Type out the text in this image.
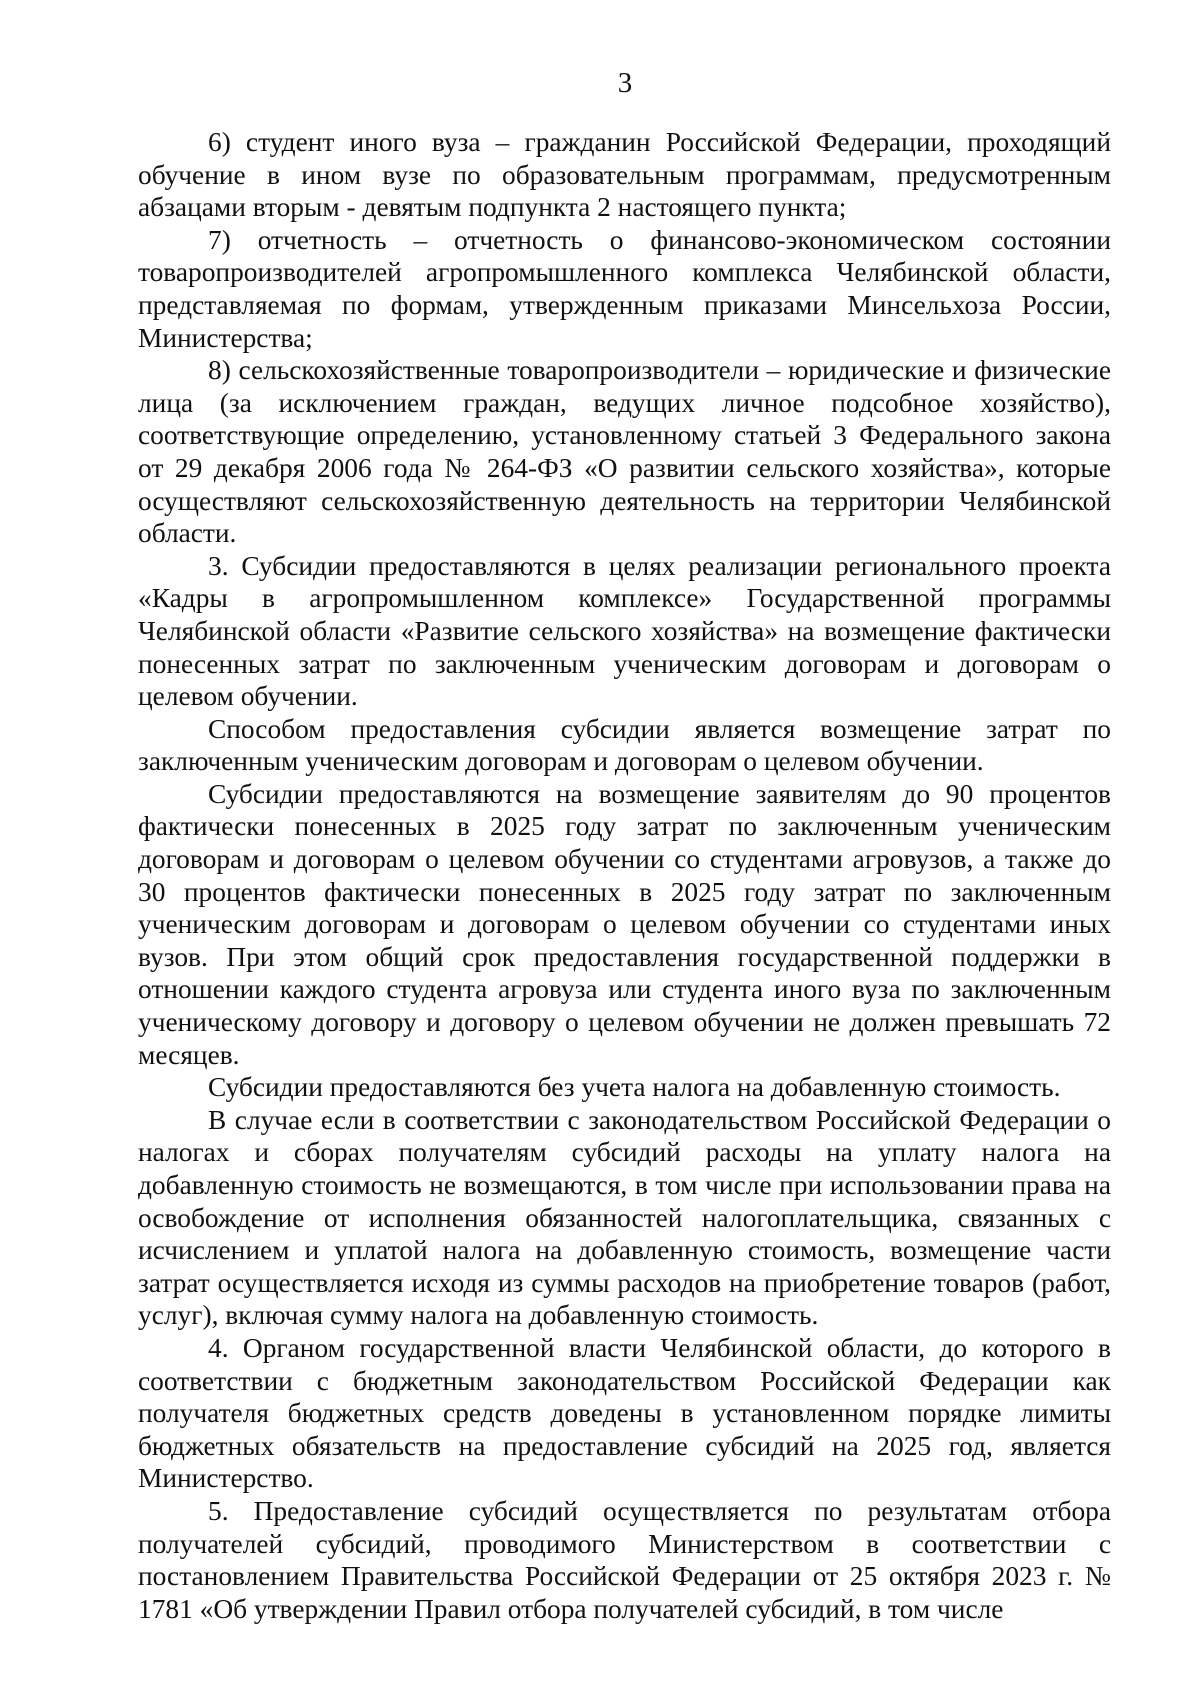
3

6) студент иного вуза – гражданин Российской Федерации, проходящий обучение в ином вузе по образовательным программам, предусмотренным абзацами вторым - девятым подпункта 2 настоящего пункта;

7) отчетность – отчетность о финансово-экономическом состоянии товаропроизводителей агропромышленного комплекса Челябинской области, представляемая по формам, утвержденным приказами Минсельхоза России, Министерства;

8) сельскохозяйственные товаропроизводители – юридические и физические лица (за исключением граждан, ведущих личное подсобное хозяйство), соответствующие определению, установленному статьей 3 Федерального закона от 29 декабря 2006 года № 264-ФЗ «О развитии сельского хозяйства», которые осуществляют сельскохозяйственную деятельность на территории Челябинской области.

3. Субсидии предоставляются в целях реализации регионального проекта «Кадры в агропромышленном комплексе» Государственной программы Челябинской области «Развитие сельского хозяйства» на возмещение фактически понесенных затрат по заключенным ученическим договорам и договорам о целевом обучении.

Способом предоставления субсидии является возмещение затрат по заключенным ученическим договорам и договорам о целевом обучении.

Субсидии предоставляются на возмещение заявителям до 90 процентов фактически понесенных в 2025 году затрат по заключенным ученическим договорам и договорам о целевом обучении со студентами агровузов, а также до 30 процентов фактически понесенных в 2025 году затрат по заключенным ученическим договорам и договорам о целевом обучении со студентами иных вузов. При этом общий срок предоставления государственной поддержки в отношении каждого студента агровуза или студента иного вуза по заключенным ученическому договору и договору о целевом обучении не должен превышать 72 месяцев.

Субсидии предоставляются без учета налога на добавленную стоимость.

В случае если в соответствии с законодательством Российской Федерации о налогах и сборах получателям субсидий расходы на уплату налога на добавленную стоимость не возмещаются, в том числе при использовании права на освобождение от исполнения обязанностей налогоплательщика, связанных с исчислением и уплатой налога на добавленную стоимость, возмещение части затрат осуществляется исходя из суммы расходов на приобретение товаров (работ, услуг), включая сумму налога на добавленную стоимость.

4. Органом государственной власти Челябинской области, до которого в соответствии с бюджетным законодательством Российской Федерации как получателя бюджетных средств доведены в установленном порядке лимиты бюджетных обязательств на предоставление субсидий на 2025 год, является Министерство.

5. Предоставление субсидий осуществляется по результатам отбора получателей субсидий, проводимого Министерством в соответствии с постановлением Правительства Российской Федерации от 25 октября 2023 г. № 1781 «Об утверждении Правил отбора получателей субсидий, в том числе
